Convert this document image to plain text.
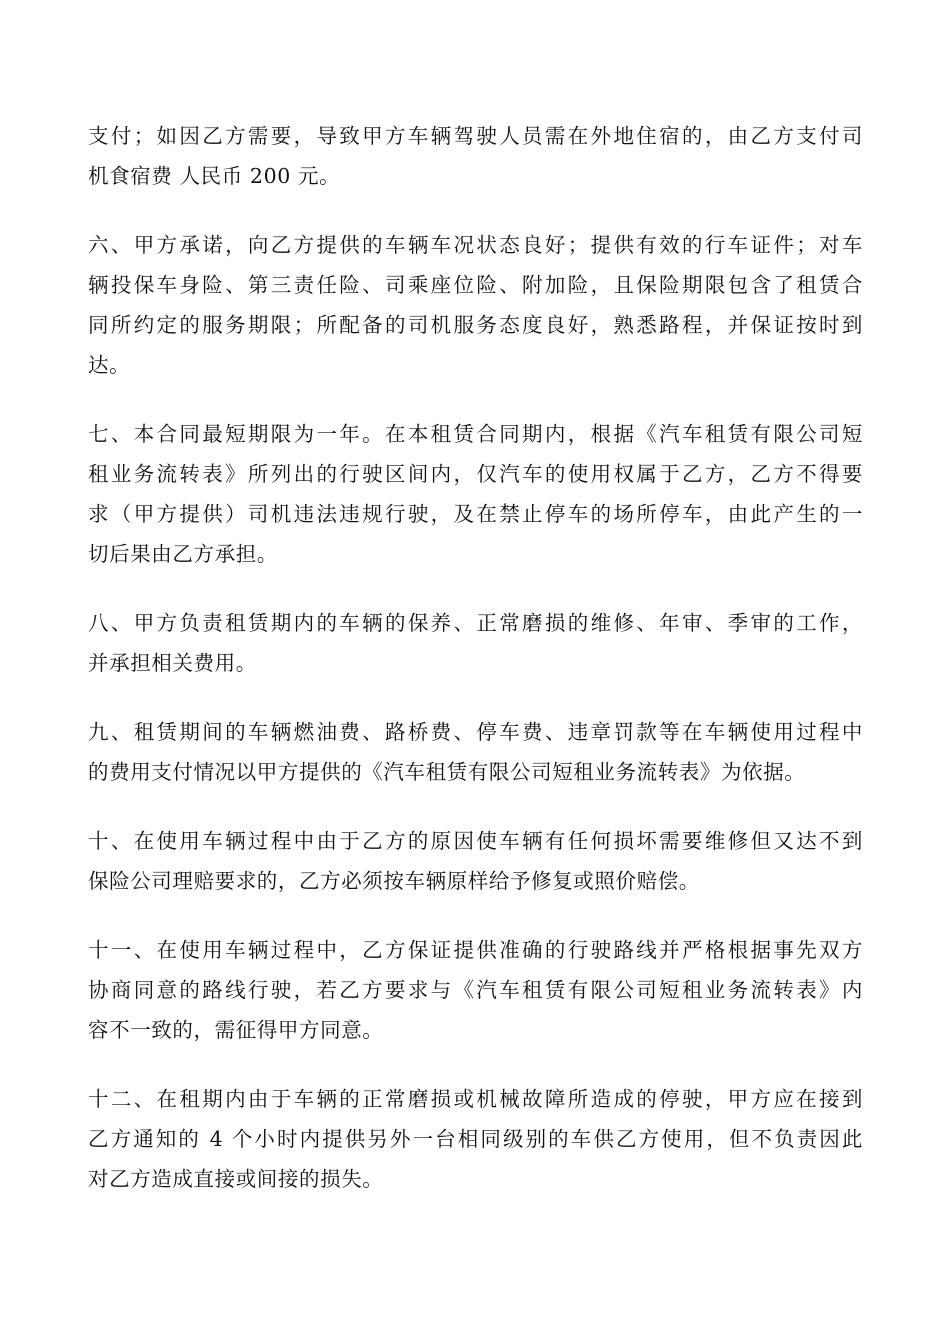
支付；如因乙方需要，导致甲方车辆驾驶人员需在外地住宿的，由乙方支付司
机食宿费 人民币 200 元。
六、甲方承诺，向乙方提供的车辆车况状态良好；提供有效的行车证件；对车
辆投保车身险、第三责任险、司乘座位险、附加险，且保险期限包含了租赁合
同所约定的服务期限；所配备的司机服务态度良好，熟悉路程，并保证按时到
达。
七、本合同最短期限为一年。在本租赁合同期内，根据《汽车租赁有限公司短
租业务流转表》所列出的行驶区间内，仅汽车的使用权属于乙方，乙方不得要
求（甲方提供）司机违法违规行驶，及在禁止停车的场所停车，由此产生的一
切后果由乙方承担。
八、甲方负责租赁期内的车辆的保养、正常磨损的维修、年审、季审的工作，
并承担相关费用。
九、租赁期间的车辆燃油费、路桥费、停车费、违章罚款等在车辆使用过程中
的费用支付情况以甲方提供的《汽车租赁有限公司短租业务流转表》为依据。
十、在使用车辆过程中由于乙方的原因使车辆有任何损坏需要维修但又达不到
保险公司理赔要求的，乙方必须按车辆原样给予修复或照价赔偿。
十一、在使用车辆过程中，乙方保证提供准确的行驶路线并严格根据事先双方
协商同意的路线行驶，若乙方要求与《汽车租赁有限公司短租业务流转表》内
容不一致的，需征得甲方同意。
十二、在租期内由于车辆的正常磨损或机械故障所造成的停驶，甲方应在接到
乙方通知的 4 个小时内提供另外一台相同级别的车供乙方使用，但不负责因此
对乙方造成直接或间接的损失。
